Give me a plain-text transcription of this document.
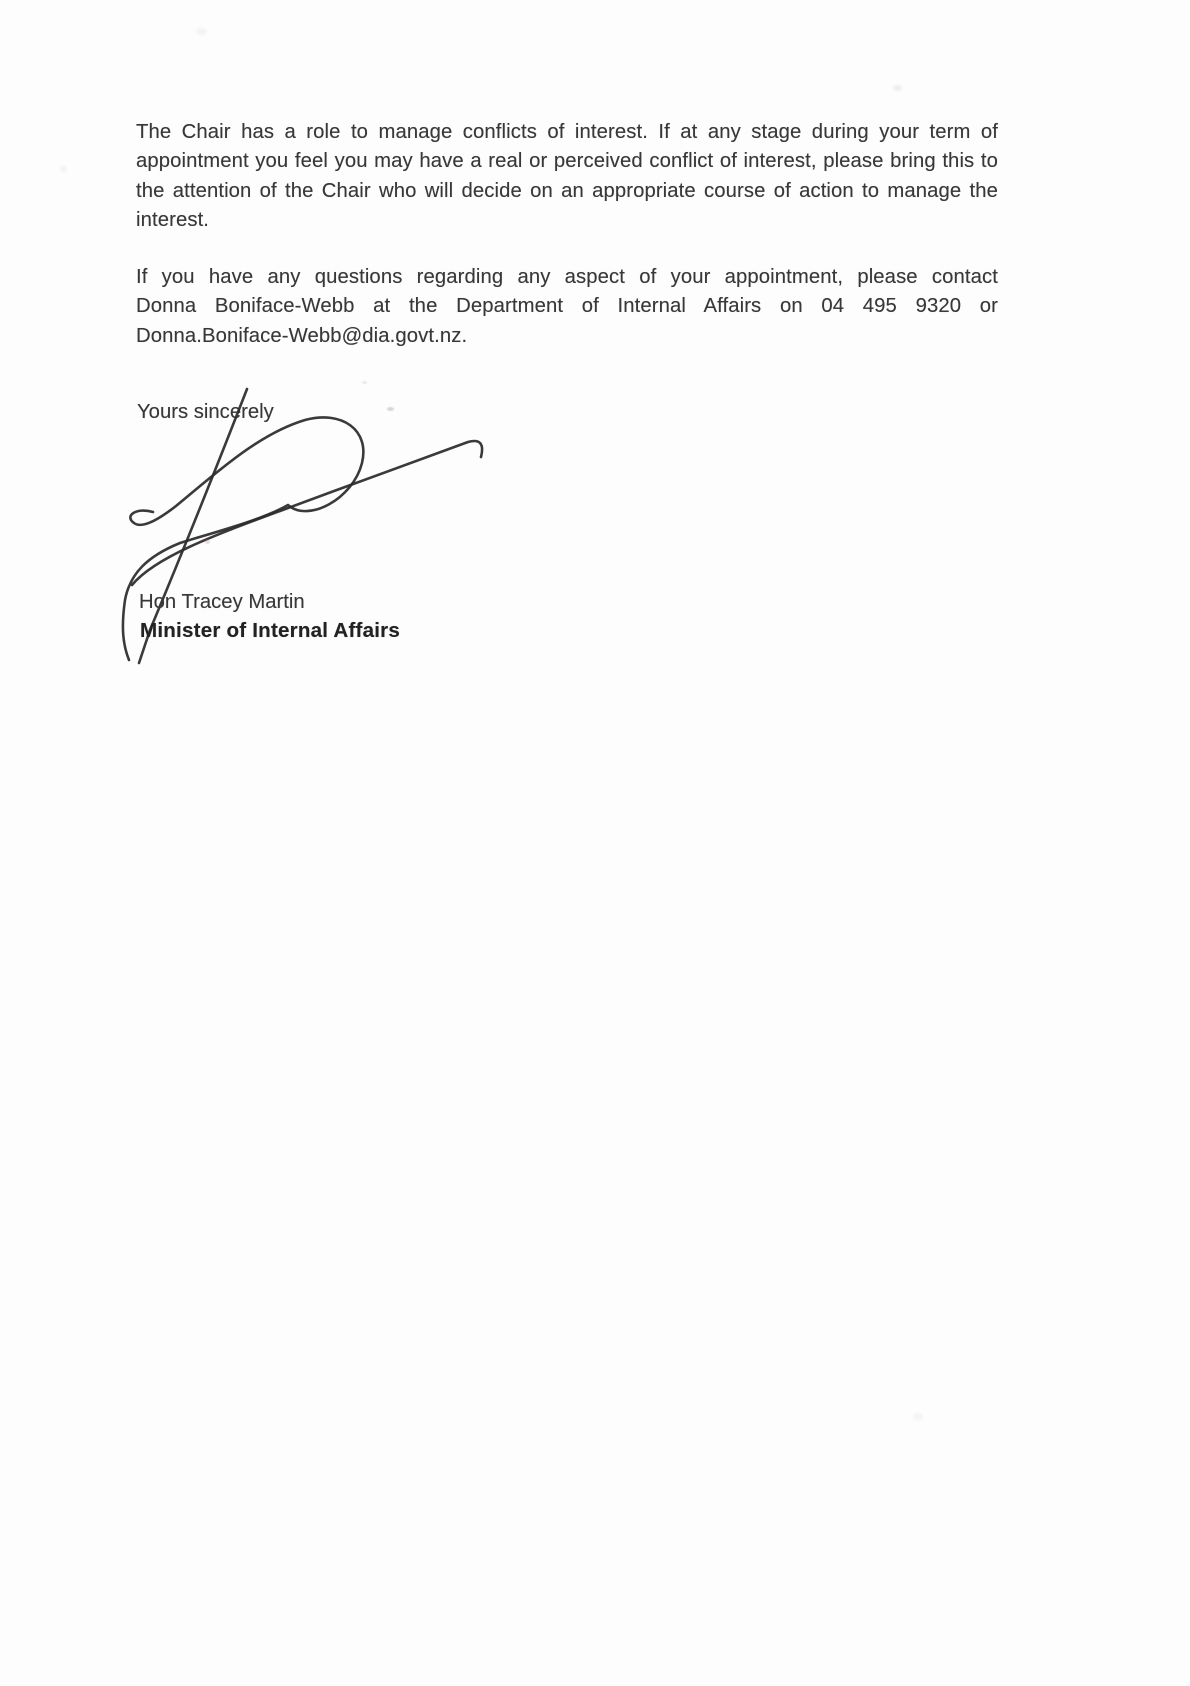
The Chair has a role to manage conflicts of interest. If at any stage during your term of
appointment you feel you may have a real or perceived conflict of interest, please bring this to
the attention of the Chair who will decide on an appropriate course of action to manage the
interest.
If you have any questions regarding any aspect of your appointment, please contact
Donna Boniface-Webb at the Department of Internal Affairs on 04 495 9320 or
Donna.Boniface-Webb@dia.govt.nz.
Yours sincerely
Hon Tracey Martin
Minister of Internal Affairs
